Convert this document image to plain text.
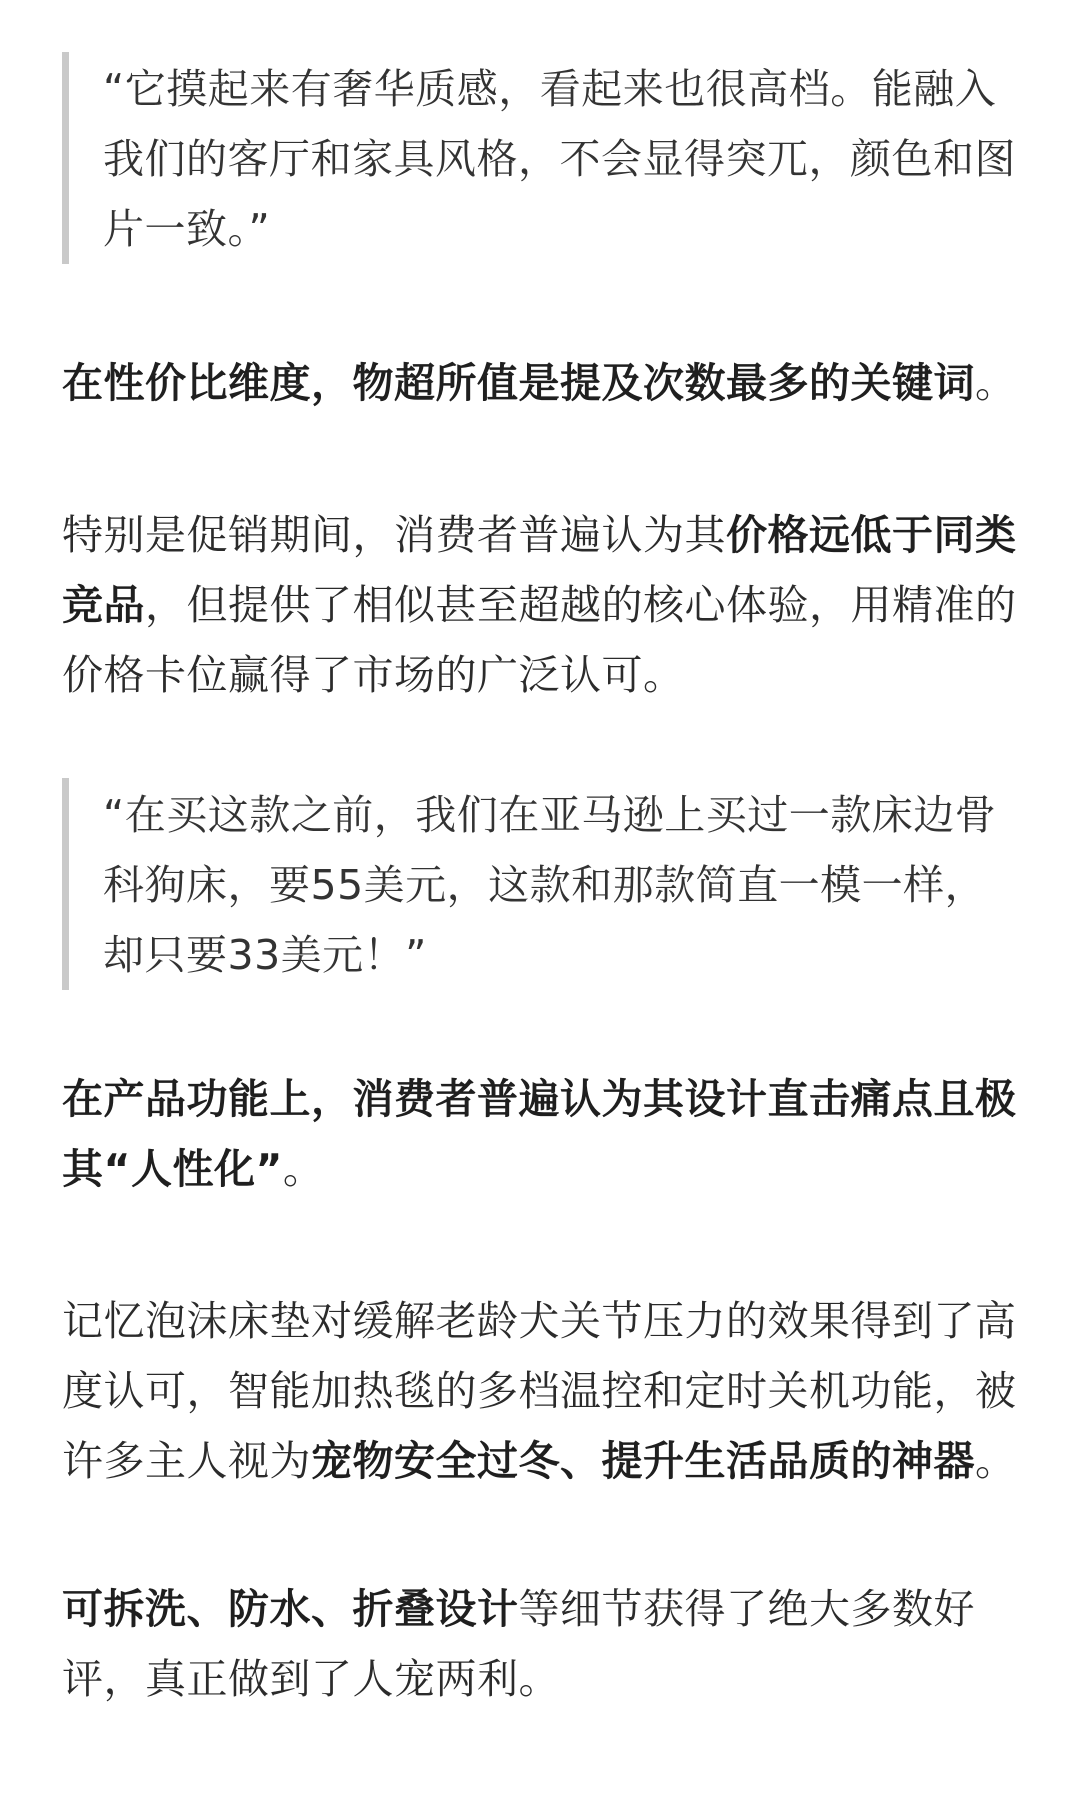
“它摸起来有奢华质感，看起来也很高档。能融入
我们的客厅和家具风格，不会显得突兀，颜色和图
片一致。”
在性价比维度，物超所值是提及次数最多的关键词。
特别是促销期间，消费者普遍认为其价格远低于同类
竞品，但提供了相似甚至超越的核心体验，用精准的
价格卡位赢得了市场的广泛认可。
“在买这款之前，我们在亚马逊上买过一款床边骨
科狗床，要55美元，这款和那款简直一模一样，
却只要33美元！”
在产品功能上，消费者普遍认为其设计直击痛点且极
其“人性化”。
记忆泡沫床垫对缓解老龄犬关节压力的效果得到了高
度认可，智能加热毯的多档温控和定时关机功能，被
许多主人视为宠物安全过冬、提升生活品质的神器。
可拆洗、防水、折叠设计等细节获得了绝大多数好
评，真正做到了人宠两利。
